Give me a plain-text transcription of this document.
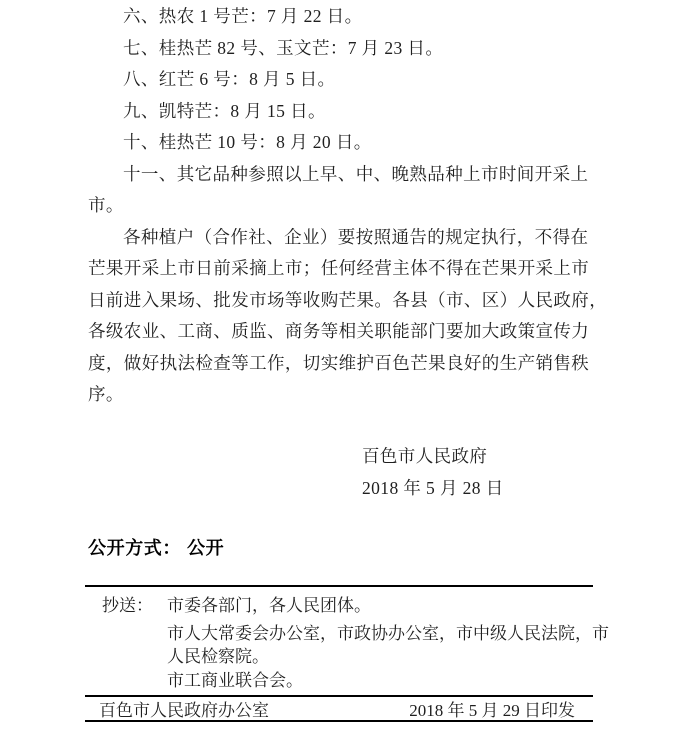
六、热农 1 号芒：7 月 22 日。
七、桂热芒 82 号、玉文芒：7 月 23 日。
八、红芒 6 号：8 月 5 日。
九、凯特芒：8 月 15 日。
十、桂热芒 10 号：8 月 20 日。
十一、其它品种参照以上早、中、晚熟品种上市时间开采上
市。
各种植户（合作社、企业）要按照通告的规定执行，不得在
芒果开采上市日前采摘上市；任何经营主体不得在芒果开采上市
日前进入果场、批发市场等收购芒果。各县（市、区）人民政府，
各级农业、工商、质监、商务等相关职能部门要加大政策宣传力
度，做好执法检查等工作，切实维护百色芒果良好的生产销售秩
序。
百色市人民政府
2018 年 5 月 28 日
公开方式： 公开
抄送： 市委各部门，各人民团体。
市人大常委会办公室，市政协办公室，市中级人民法院，市
人民检察院。
市工商业联合会。
百色市人民政府办公室	2018 年 5 月 29 日印发
